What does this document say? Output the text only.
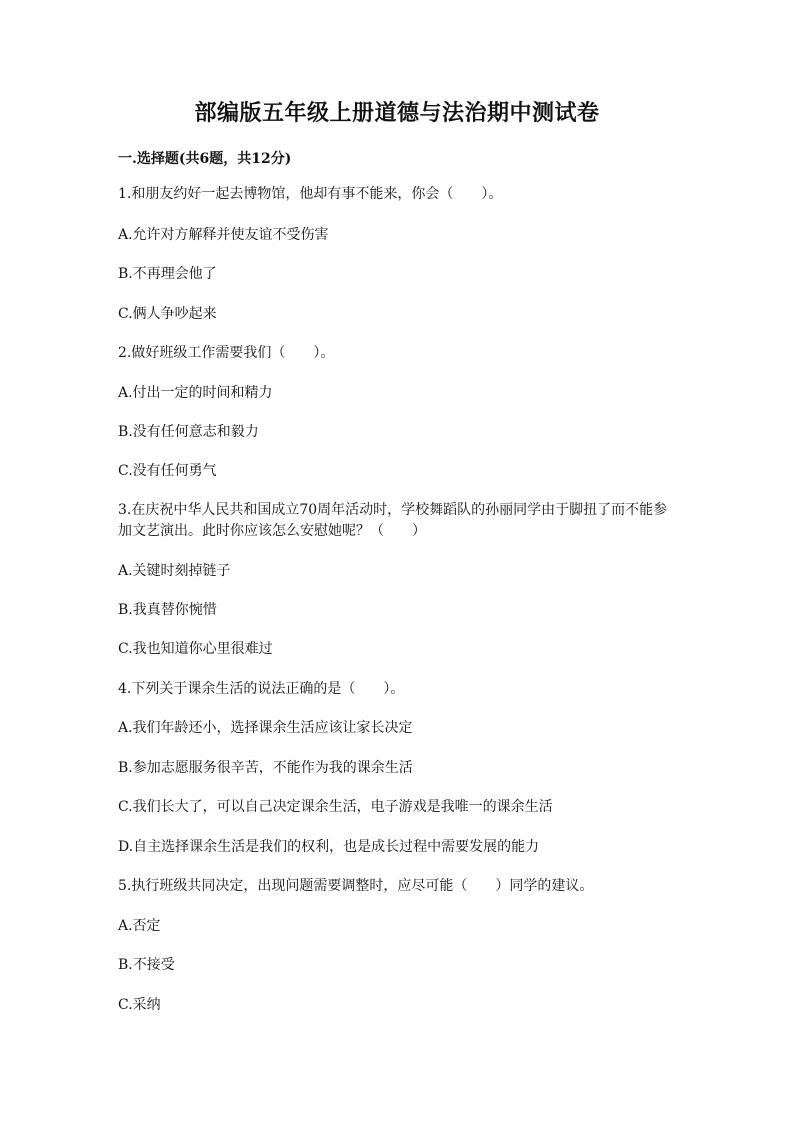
部编版五年级上册道德与法治期中测试卷
一.选择题(共6题，共12分)
1.和朋友约好一起去博物馆，他却有事不能来，你会（　　）。
A.允许对方解释并使友谊不受伤害
B.不再理会他了
C.俩人争吵起来
2.做好班级工作需要我们（　　）。
A.付出一定的时间和精力
B.没有任何意志和毅力
C.没有任何勇气
3.在庆祝中华人民共和国成立70周年活动时，学校舞蹈队的孙丽同学由于脚扭了而不能参加文艺演出。此时你应该怎么安慰她呢？（　　）
A.关键时刻掉链子
B.我真替你惋惜
C.我也知道你心里很难过
4.下列关于课余生活的说法正确的是（　　）。
A.我们年龄还小，选择课余生活应该让家长决定
B.参加志愿服务很辛苦，不能作为我的课余生活
C.我们长大了，可以自己决定课余生活，电子游戏是我唯一的课余生活
D.自主选择课余生活是我们的权利，也是成长过程中需要发展的能力
5.执行班级共同决定，出现问题需要调整时，应尽可能（　　）同学的建议。
A.否定
B.不接受
C.采纳
